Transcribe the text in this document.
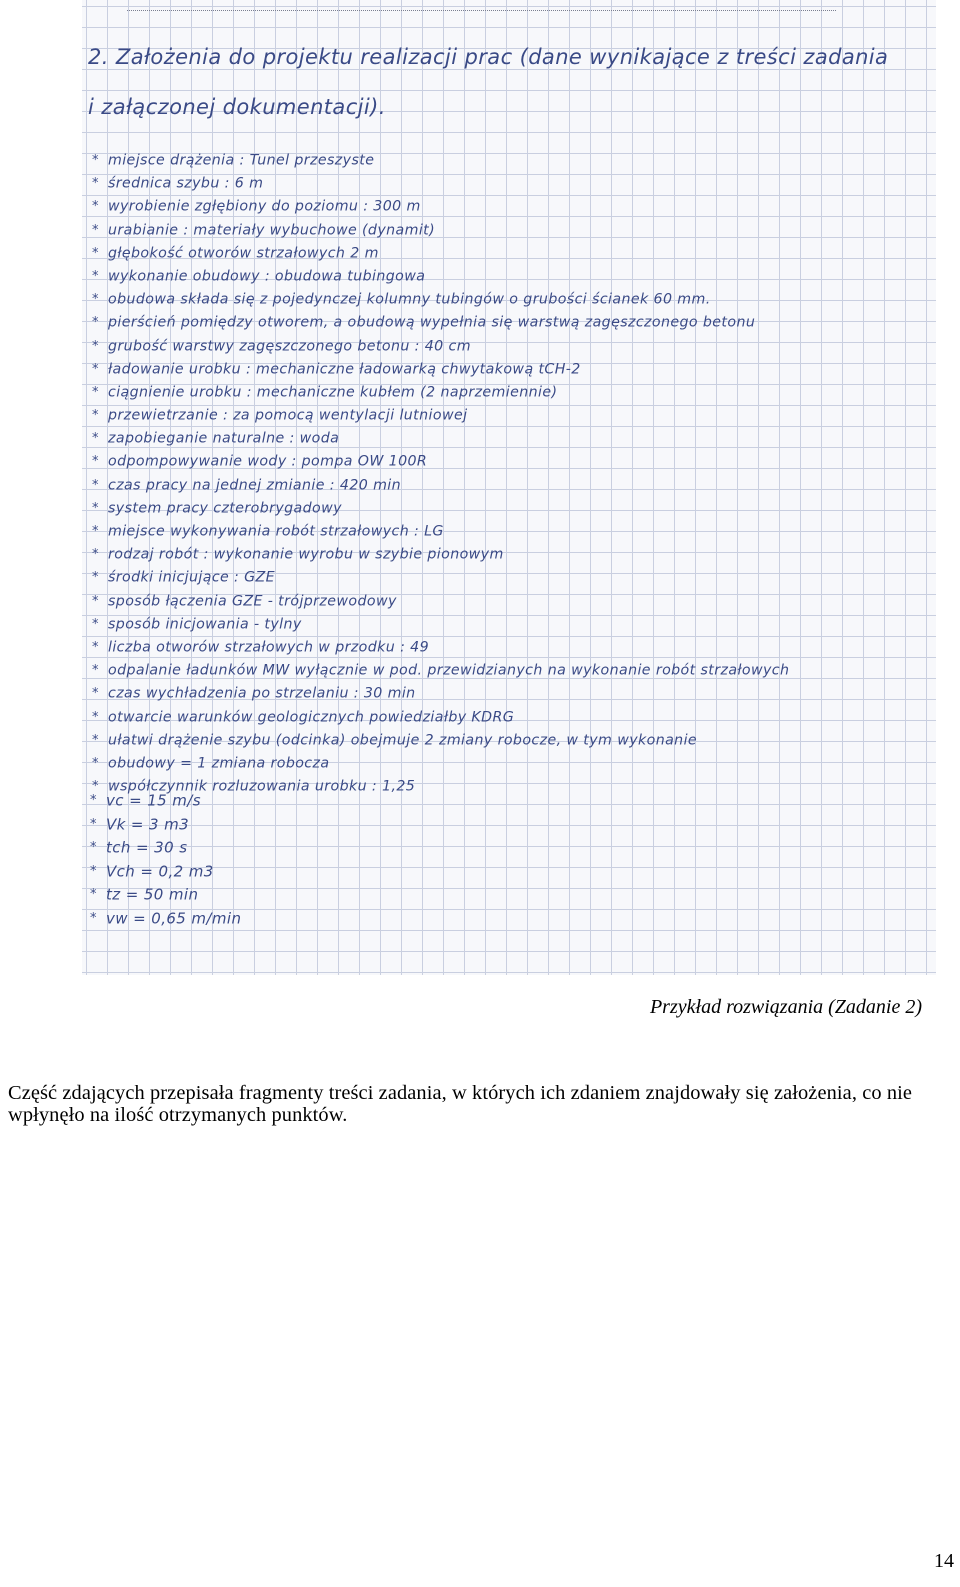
2. Założenia do projektu realizacji prac (dane wynikające z treści zadania
i załączonej dokumentacji).
* miejsce drążenia : Tunel przeszyste
* średnica szybu : 6 m
* wyrobienie zgłębiony do poziomu : 300 m
* urabianie : materiały wybuchowe (dynamit)
* głębokość otworów strzałowych 2 m
* wykonanie obudowy : obudowa tubingowa
* obudowa składa się z pojedynczej kolumny tubingów o grubości ścianek 60 mm.
* pierścień pomiędzy otworem, a obudową wypełnia się warstwą zagęszczonego betonu
* grubość warstwy zagęszczonego betonu : 40 cm
* ładowanie urobku : mechaniczne ładowarką chwytakową tCH-2
* ciągnienie urobku : mechaniczne kubłem (2 naprzemiennie)
* przewietrzanie : za pomocą wentylacji lutniowej
* zapobieganie naturalne : woda
* odpompowywanie wody : pompa OW 100R
* czas pracy na jednej zmianie : 420 min
* system pracy czterobrygadowy
* miejsce wykonywania robót strzałowych : LG
* rodzaj robót : wykonanie wyrobu w szybie pionowym
* środki inicjujące : GZE
* sposób łączenia GZE - trójprzewodowy
* sposób inicjowania - tylny
* liczba otworów strzałowych w przodku : 49
* odpalanie ładunków MW wyłącznie w pod. przewidzianych na wykonanie robót strzałowych
* czas wychładzenia po strzelaniu : 30 min
* otwarcie warunków geologicznych powiedziałby KDRG
* ułatwi drążenie szybu (odcinka) obejmuje 2 zmiany robocze, w tym wykonanie
* obudowy = 1 zmiana robocza
* współczynnik rozluzowania urobku : 1,25
* vc = 15 m/s
* Vk = 3 m3
* tch = 30 s
* Vch = 0,2 m3
* tz = 50 min
* vw = 0,65 m/min

Przykład rozwiązania (Zadanie 2)

Część zdających przepisała fragmenty treści zadania, w których ich zdaniem znajdowały się założenia, co nie wpłynęło na ilość otrzymanych punktów.

14
